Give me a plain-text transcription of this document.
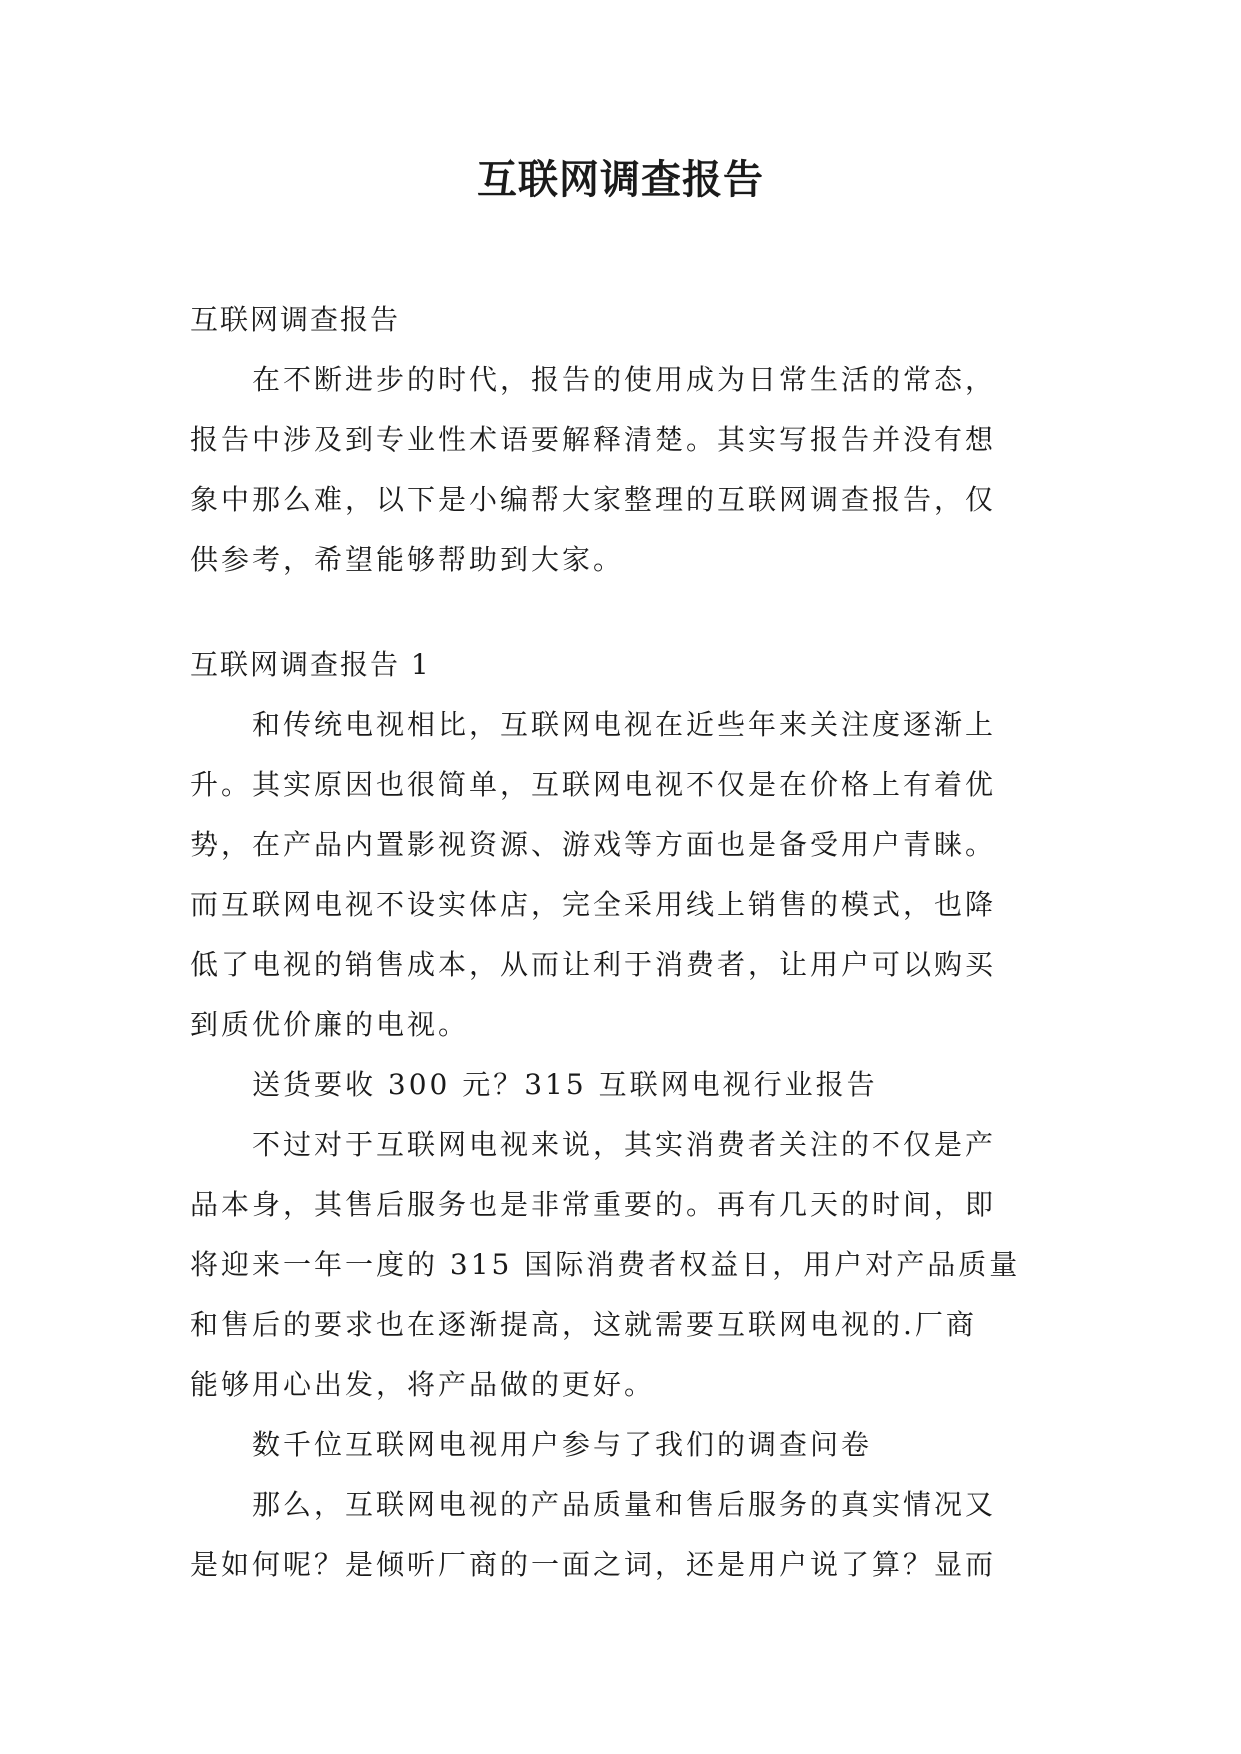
互联网调查报告
互联网调查报告
　　在不断进步的时代，报告的使用成为日常生活的常态，
报告中涉及到专业性术语要解释清楚。其实写报告并没有想
象中那么难，以下是小编帮大家整理的互联网调查报告，仅
供参考，希望能够帮助到大家。
互联网调查报告 1
　　和传统电视相比，互联网电视在近些年来关注度逐渐上
升。其实原因也很简单，互联网电视不仅是在价格上有着优
势，在产品内置影视资源、游戏等方面也是备受用户青睐。
而互联网电视不设实体店，完全采用线上销售的模式，也降
低了电视的销售成本，从而让利于消费者，让用户可以购买
到质优价廉的电视。
　　送货要收 300 元？315 互联网电视行业报告
　　不过对于互联网电视来说，其实消费者关注的不仅是产
品本身，其售后服务也是非常重要的。再有几天的时间，即
将迎来一年一度的 315 国际消费者权益日，用户对产品质量
和售后的要求也在逐渐提高，这就需要互联网电视的.厂商
能够用心出发，将产品做的更好。
　　数千位互联网电视用户参与了我们的调查问卷
　　那么，互联网电视的产品质量和售后服务的真实情况又
是如何呢？是倾听厂商的一面之词，还是用户说了算？显而
